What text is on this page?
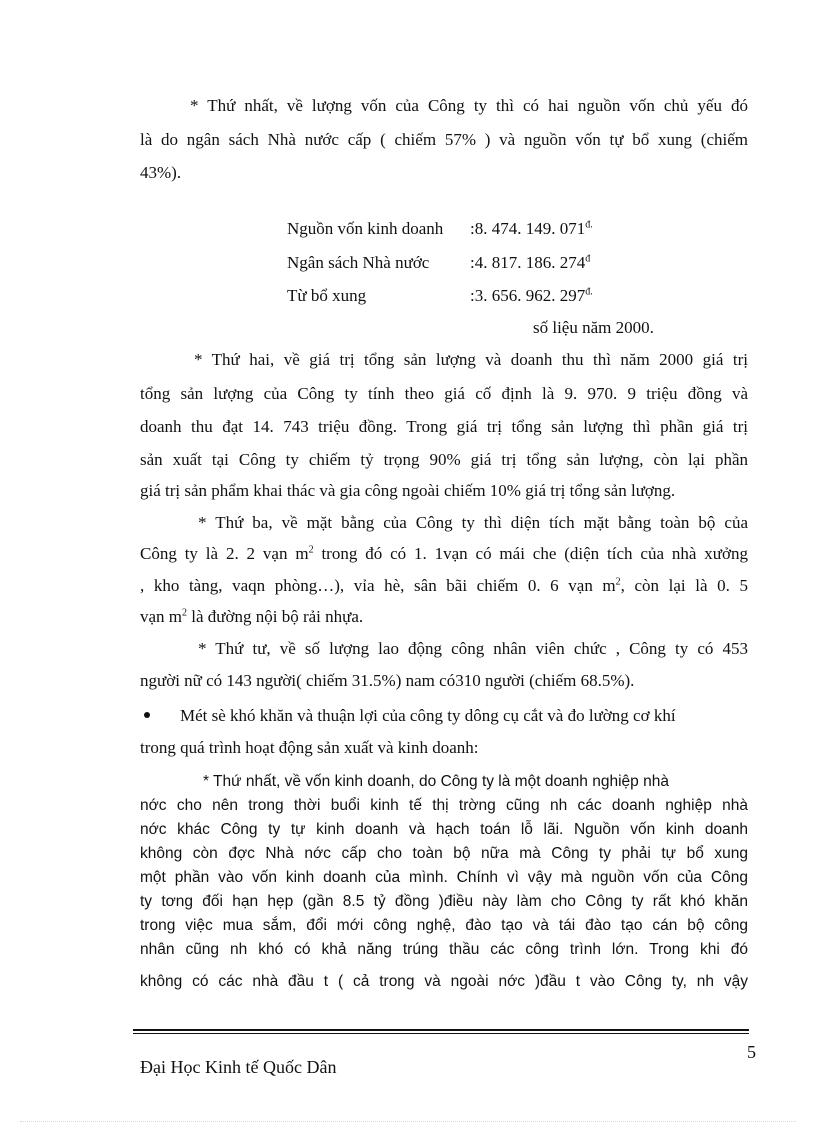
* Thứ nhất, về lượng vốn của Công ty thì có hai nguồn vốn chủ yếu đó
là do ngân sách Nhà nước cấp ( chiếm 57% ) và nguồn vốn tự bổ xung (chiếm
43%).
Nguồn vốn kinh doanh :8. 474. 149. $071^{đ.}$
Ngân sách Nhà nước :4. 817. 186. $274^đ$
Từ bổ xung	:3. 656. 962. $297^{đ.}$
số liệu năm 2000.
* Thứ hai, về giá trị tổng sản lượng và doanh thu thì năm 2000 giá trị
tổng sản lượng của Công ty tính theo giá cố định là 9. 970. 9 triệu đồng và
doanh thu đạt 14. 743 triệu đồng. Trong giá trị tổng sản lượng thì phần giá trị
sản xuất tại Công ty chiếm tỷ trọng 90% giá trị tổng sản lượng, còn lại phần
giá trị sản phẩm khai thác và gia công ngoài chiếm 10% giá trị tổng sản lượng.
* Thứ ba, về mặt bằng của Công ty thì diện tích mặt bằng toàn bộ của
Công ty là 2. 2 vạn $m^2$ trong đó có 1. 1vạn có mái che (diện tích của nhà xưởng
, kho tàng, vaqn phòng…), vỉa hè, sân bãi chiếm 0. 6 vạn $m^2$, còn lại là 0. 5
vạn $m^2$ là đường nội bộ rải nhựa.
* Thứ tư, về số lượng lao động công nhân viên chức , Công ty có 453
người nữ có 143 người( chiếm 31.5%) nam có310 người (chiếm 68.5%).
Mét sè khó khăn và thuận lợi của công ty dông cụ cắt và đo lường cơ khí
trong quá trình hoạt động sản xuất và kinh doanh:
* Thứ nhất, về vốn kinh doanh, do Công ty là một doanh nghiệp nhà
nớc cho nên trong thời buổi kinh tế thị trờng cũng nh các doanh nghiệp nhà
nớc khác Công ty tự kinh doanh và hạch toán lỗ lãi. Nguồn vốn kinh doanh
không còn đợc Nhà nớc cấp cho toàn bộ nữa mà Công ty phải tự bổ xung
một phần vào vốn kinh doanh của mình. Chính vì vậy mà nguồn vốn của Công
ty tơng đối hạn hẹp (gần 8.5 tỷ đồng )điều này làm cho Công ty rất khó khăn
trong việc mua sắm, đổi mới công nghệ, đào tạo và tái đào tạo cán bộ công
nhân cũng nh khó có khả năng trúng thầu các công trình lớn. Trong khi đó
không có các nhà đầu t ( cả trong và ngoài nớc )đầu t vào Công ty, nh vậy
5
Đại Học Kinh tế Quốc Dân
